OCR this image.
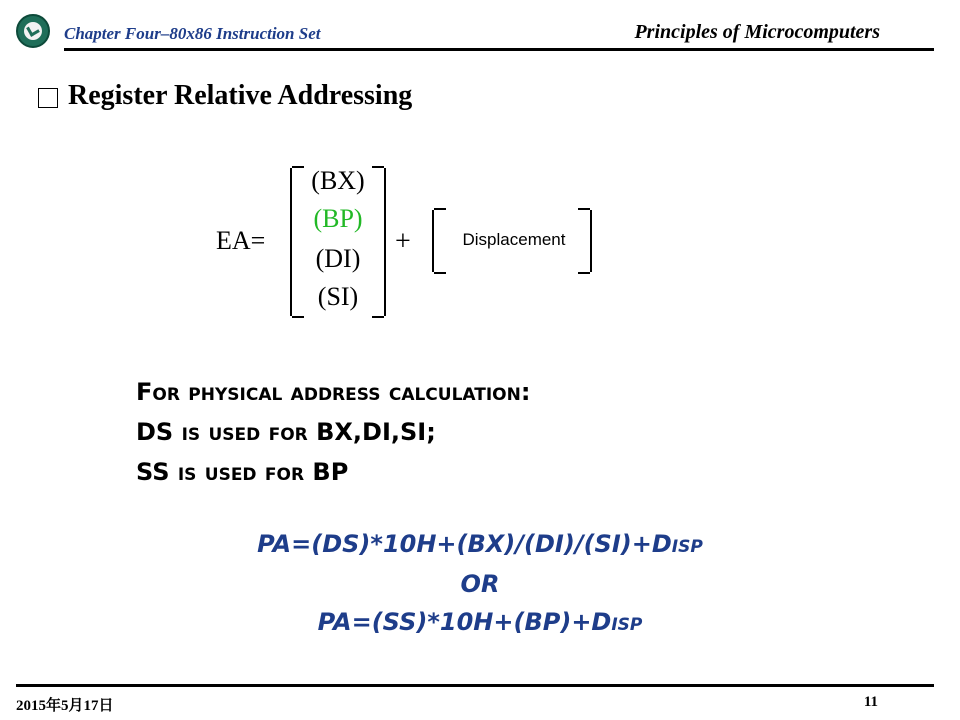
Chapter Four–80x86 Instruction Set	Principles of Microcomputers
Register Relative Addressing
EA=
(BX)
(BP)
(DI)
(SI)
+	Displacement
For physical address calculation:
DS is used for BX,DI,SI;
SS is used for BP
PA=(DS)*10H+(BX)/(DI)/(SI)+Disp
OR
PA=(SS)*10H+(BP)+Disp
2015年5月17日	11
